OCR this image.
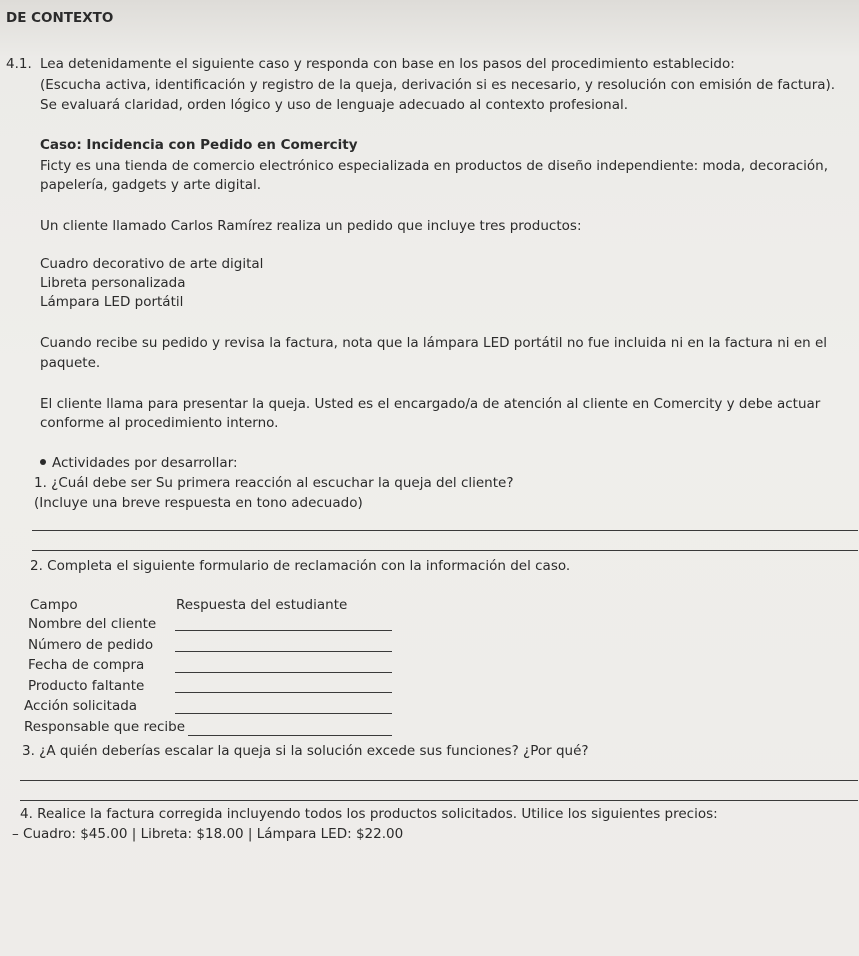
DE CONTEXTO
4.1. Lea detenidamente el siguiente caso y responda con base en los pasos del procedimiento establecido:
(Escucha activa, identificación y registro de la queja, derivación si es necesario, y resolución con emisión de factura).
Se evaluará claridad, orden lógico y uso de lenguaje adecuado al contexto profesional.
Caso: Incidencia con Pedido en Comercity
Ficty es una tienda de comercio electrónico especializada en productos de diseño independiente: moda, decoración,
papelería, gadgets y arte digital.
Un cliente llamado Carlos Ramírez realiza un pedido que incluye tres productos:
Cuadro decorativo de arte digital
Libreta personalizada
Lámpara LED portátil
Cuando recibe su pedido y revisa la factura, nota que la lámpara LED portátil no fue incluida ni en la factura ni en el
paquete.
El cliente llama para presentar la queja. Usted es el encargado/a de atención al cliente en Comercity y debe actuar
conforme al procedimiento interno.
Actividades por desarrollar:
1. ¿Cuál debe ser Su primera reacción al escuchar la queja del cliente?
(Incluye una breve respuesta en tono adecuado)
2. Completa el siguiente formulario de reclamación con la información del caso.
Campo	Respuesta del estudiante
Nombre del cliente
Número de pedido
Fecha de compra
Producto faltante
Acción solicitada
Responsable que recibe
3. ¿A quién deberías escalar la queja si la solución excede sus funciones? ¿Por qué?
4. Realice la factura corregida incluyendo todos los productos solicitados. Utilice los siguientes precios:
– Cuadro: $45.00 | Libreta: $18.00 | Lámpara LED: $22.00
